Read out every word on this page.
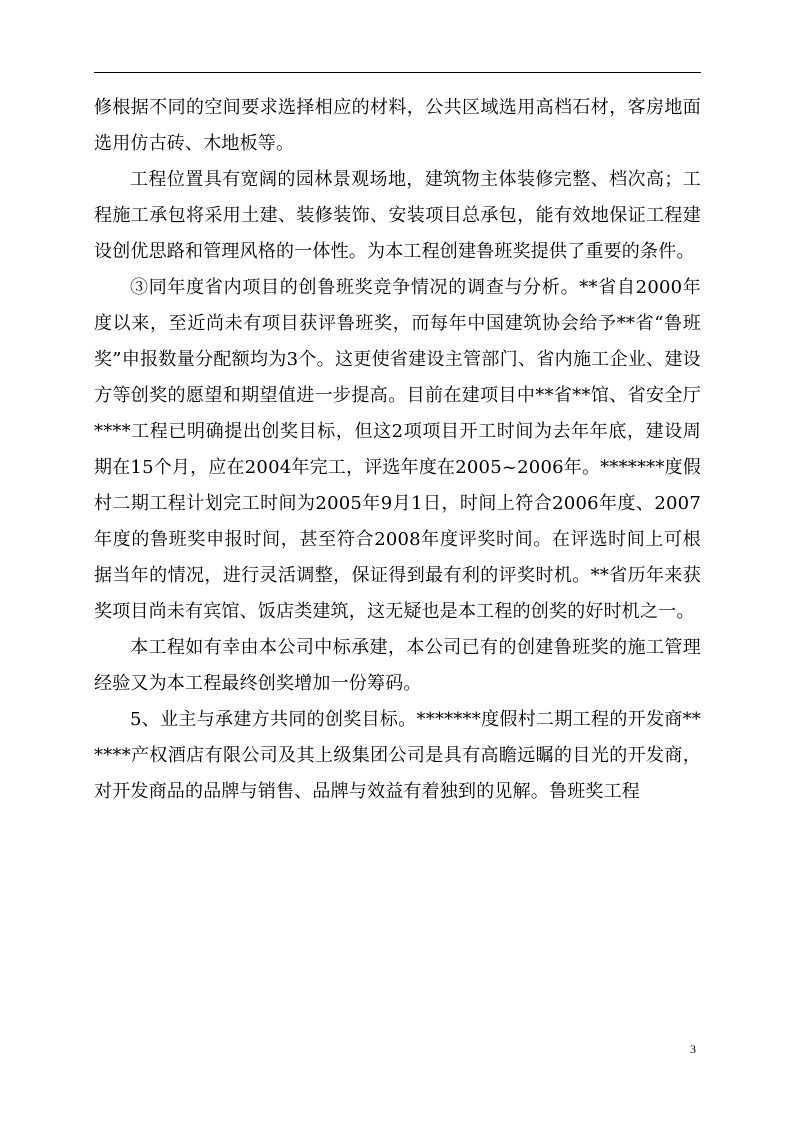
修根据不同的空间要求选择相应的材料，公共区域选用高档石材，客房地面选用仿古砖、木地板等。

工程位置具有宽阔的园林景观场地，建筑物主体装修完整、档次高；工程施工承包将采用土建、装修装饰、安装项目总承包，能有效地保证工程建设创优思路和管理风格的一体性。为本工程创建鲁班奖提供了重要的条件。

③同年度省内项目的创鲁班奖竞争情况的调查与分析。**省自2000年度以来，至近尚未有项目获评鲁班奖，而每年中国建筑协会给予**省“鲁班奖”申报数量分配额均为3个。这更使省建设主管部门、省内施工企业、建设方等创奖的愿望和期望值进一步提高。目前在建项目中**省**馆、省安全厅****工程已明确提出创奖目标，但这2项项目开工时间为去年年底，建设周期在15个月，应在2004年完工，评选年度在2005~2006年。*******度假村二期工程计划完工时间为2005年9月1日，时间上符合2006年度、2007年度的鲁班奖申报时间，甚至符合2008年度评奖时间。在评选时间上可根据当年的情况，进行灵活调整，保证得到最有利的评奖时机。**省历年来获奖项目尚未有宾馆、饭店类建筑，这无疑也是本工程的创奖的好时机之一。

本工程如有幸由本公司中标承建，本公司已有的创建鲁班奖的施工管理经验又为本工程最终创奖增加一份筹码。

5、业主与承建方共同的创奖目标。*******度假村二期工程的开发商******产权酒店有限公司及其上级集团公司是具有高瞻远瞩的目光的开发商，对开发商品的品牌与销售、品牌与效益有着独到的见解。鲁班奖工程

3
